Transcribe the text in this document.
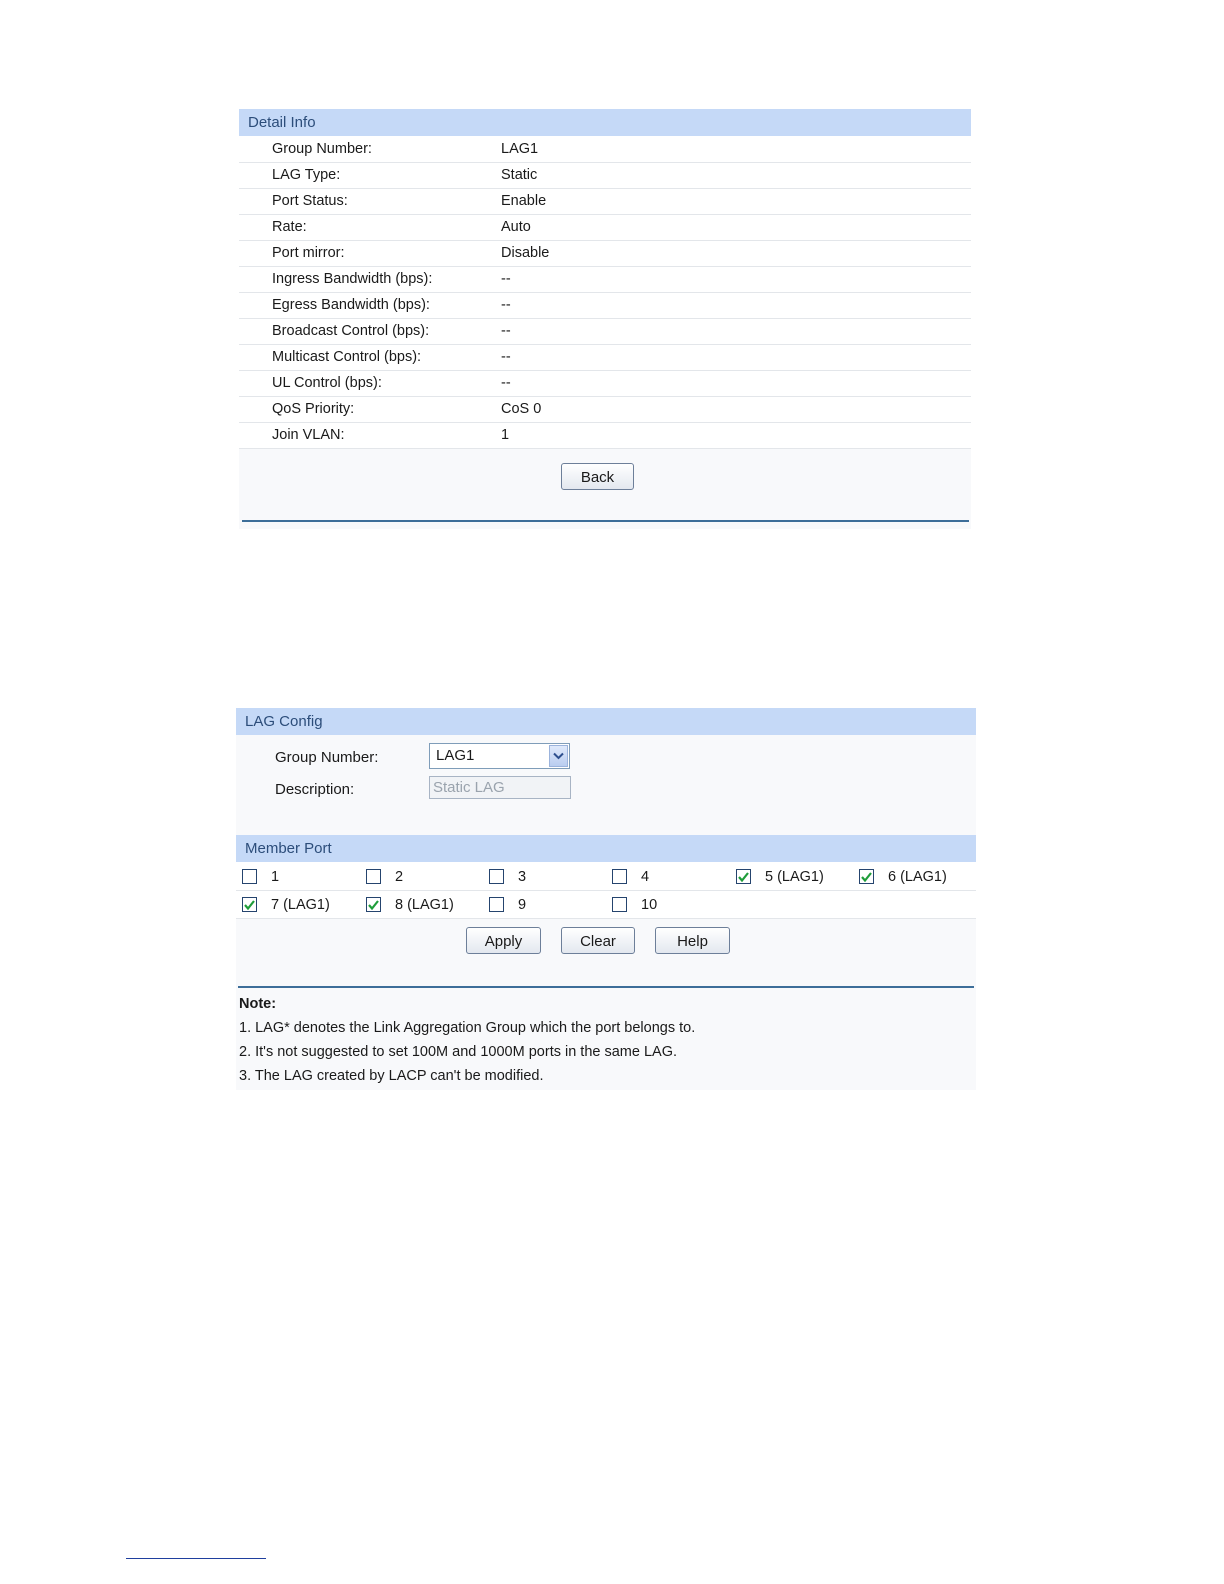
Detail Info
Group Number:	LAG1
LAG Type:	Static
Port Status:	Enable
Rate:	Auto
Port mirror:	Disable
Ingress Bandwidth (bps):	--
Egress Bandwidth (bps):	--
Broadcast Control (bps):	--
Multicast Control (bps):	--
UL Control (bps):	--
QoS Priority:	CoS 0
Join VLAN:	1
Back
LAG Config
Group Number:	LAG1
Description:	Static LAG
Member Port
1	2	3	4	5 (LAG1)	6 (LAG1)
7 (LAG1)	8 (LAG1)	9	10
Apply	Clear	Help
Note:
1. LAG* denotes the Link Aggregation Group which the port belongs to.
2. It's not suggested to set 100M and 1000M ports in the same LAG.
3. The LAG created by LACP can't be modified.
